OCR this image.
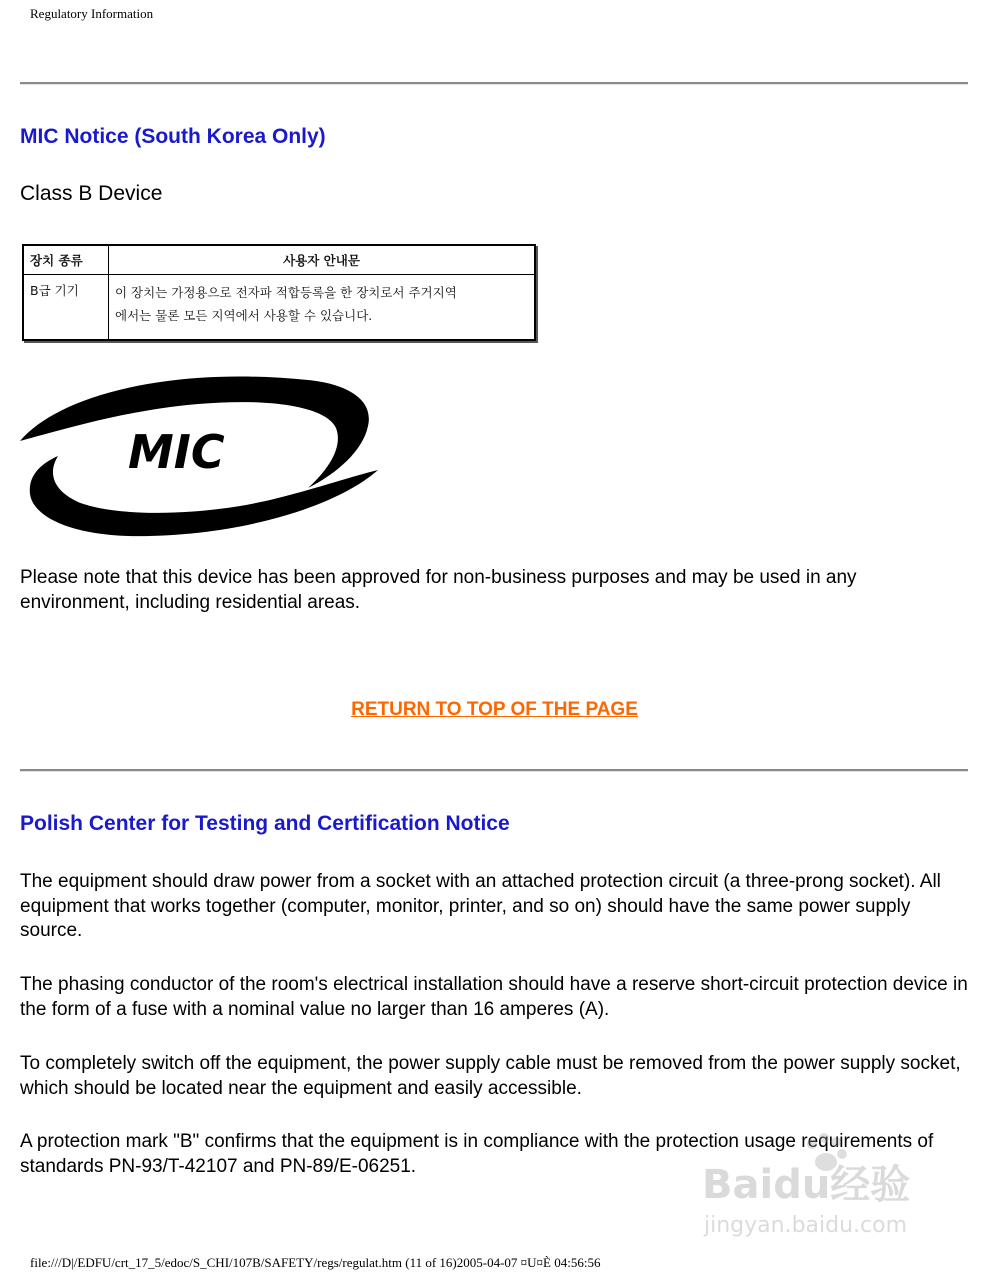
Regulatory Information
MIC Notice (South Korea Only)

Class B Device

장치 종류	사용자 안내문
B급 기기	이 장치는 가정용으로 전자파 적합등록을 한 장치로서 주거지역
에서는 물론 모든 지역에서 사용할 수 있습니다.
MIC

Please note that this device has been approved for non-business purposes and may be used in any environment, including residential areas.

RETURN TO TOP OF THE PAGE
Polish Center for Testing and Certification Notice

The equipment should draw power from a socket with an attached protection circuit (a three-prong socket). All equipment that works together (computer, monitor, printer, and so on) should have the same power supply source.

The phasing conductor of the room's electrical installation should have a reserve short-circuit protection device in the form of a fuse with a nominal value no larger than 16 amperes (A).

To completely switch off the equipment, the power supply cable must be removed from the power supply socket, which should be located near the equipment and easily accessible.

A protection mark "B" confirms that the equipment is in compliance with the protection usage requirements of standards PN-93/T-42107 and PN-89/E-06251.	Baidu经验
jingyan.baidu.com
file:///D|/EDFU/crt_17_5/edoc/S_CHI/107B/SAFETY/regs/regulat.htm (11 of 16)2005-04-07 ¤U¤È 04:56:56
